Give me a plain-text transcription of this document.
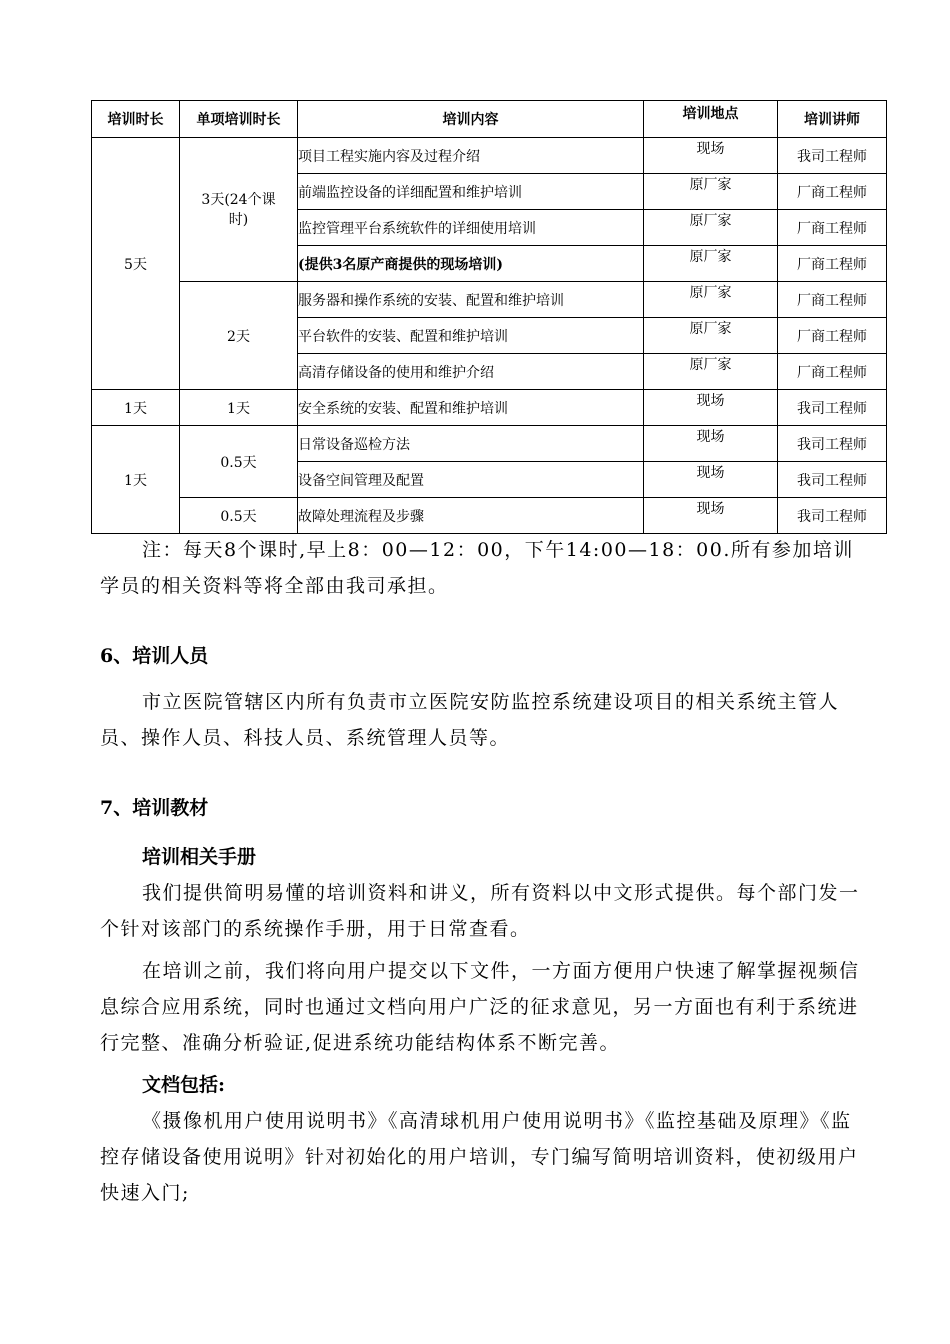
培训时长	单项培训时长	培训内容	培训地点	培训讲师
5天	3天(24个课时)	项目工程实施内容及过程介绍	现场	我司工程师
		前端监控设备的详细配置和维护培训	原厂家	厂商工程师
		监控管理平台系统软件的详细使用培训	原厂家	厂商工程师
		(提供3名原产商提供的现场培训)	原厂家	厂商工程师
	2天	服务器和操作系统的安装、配置和维护培训	原厂家	厂商工程师
		平台软件的安装、配置和维护培训	原厂家	厂商工程师
		高清存储设备的使用和维护介绍	原厂家	厂商工程师
1天	1天	安全系统的安装、配置和维护培训	现场	我司工程师
1天	0.5天	日常设备巡检方法	现场	我司工程师
		设备空间管理及配置	现场	我司工程师
	0.5天	故障处理流程及步骤	现场	我司工程师
注：每天8个课时,早上8：00—12：00，下午14:00—18：00.所有参加培训学员的相关资料等将全部由我司承担。
6、培训人员
市立医院管辖区内所有负责市立医院安防监控系统建设项目的相关系统主管人员、操作人员、科技人员、系统管理人员等。
7、培训教材
培训相关手册
我们提供简明易懂的培训资料和讲义，所有资料以中文形式提供。每个部门发一个针对该部门的系统操作手册，用于日常查看。
在培训之前，我们将向用户提交以下文件，一方面方便用户快速了解掌握视频信息综合应用系统，同时也通过文档向用户广泛的征求意见，另一方面也有利于系统进行完整、准确分析验证,促进系统功能结构体系不断完善。
文档包括:
《摄像机用户使用说明书》《高清球机用户使用说明书》《监控基础及原理》《监控存储设备使用说明》针对初始化的用户培训，专门编写简明培训资料，使初级用户快速入门;
